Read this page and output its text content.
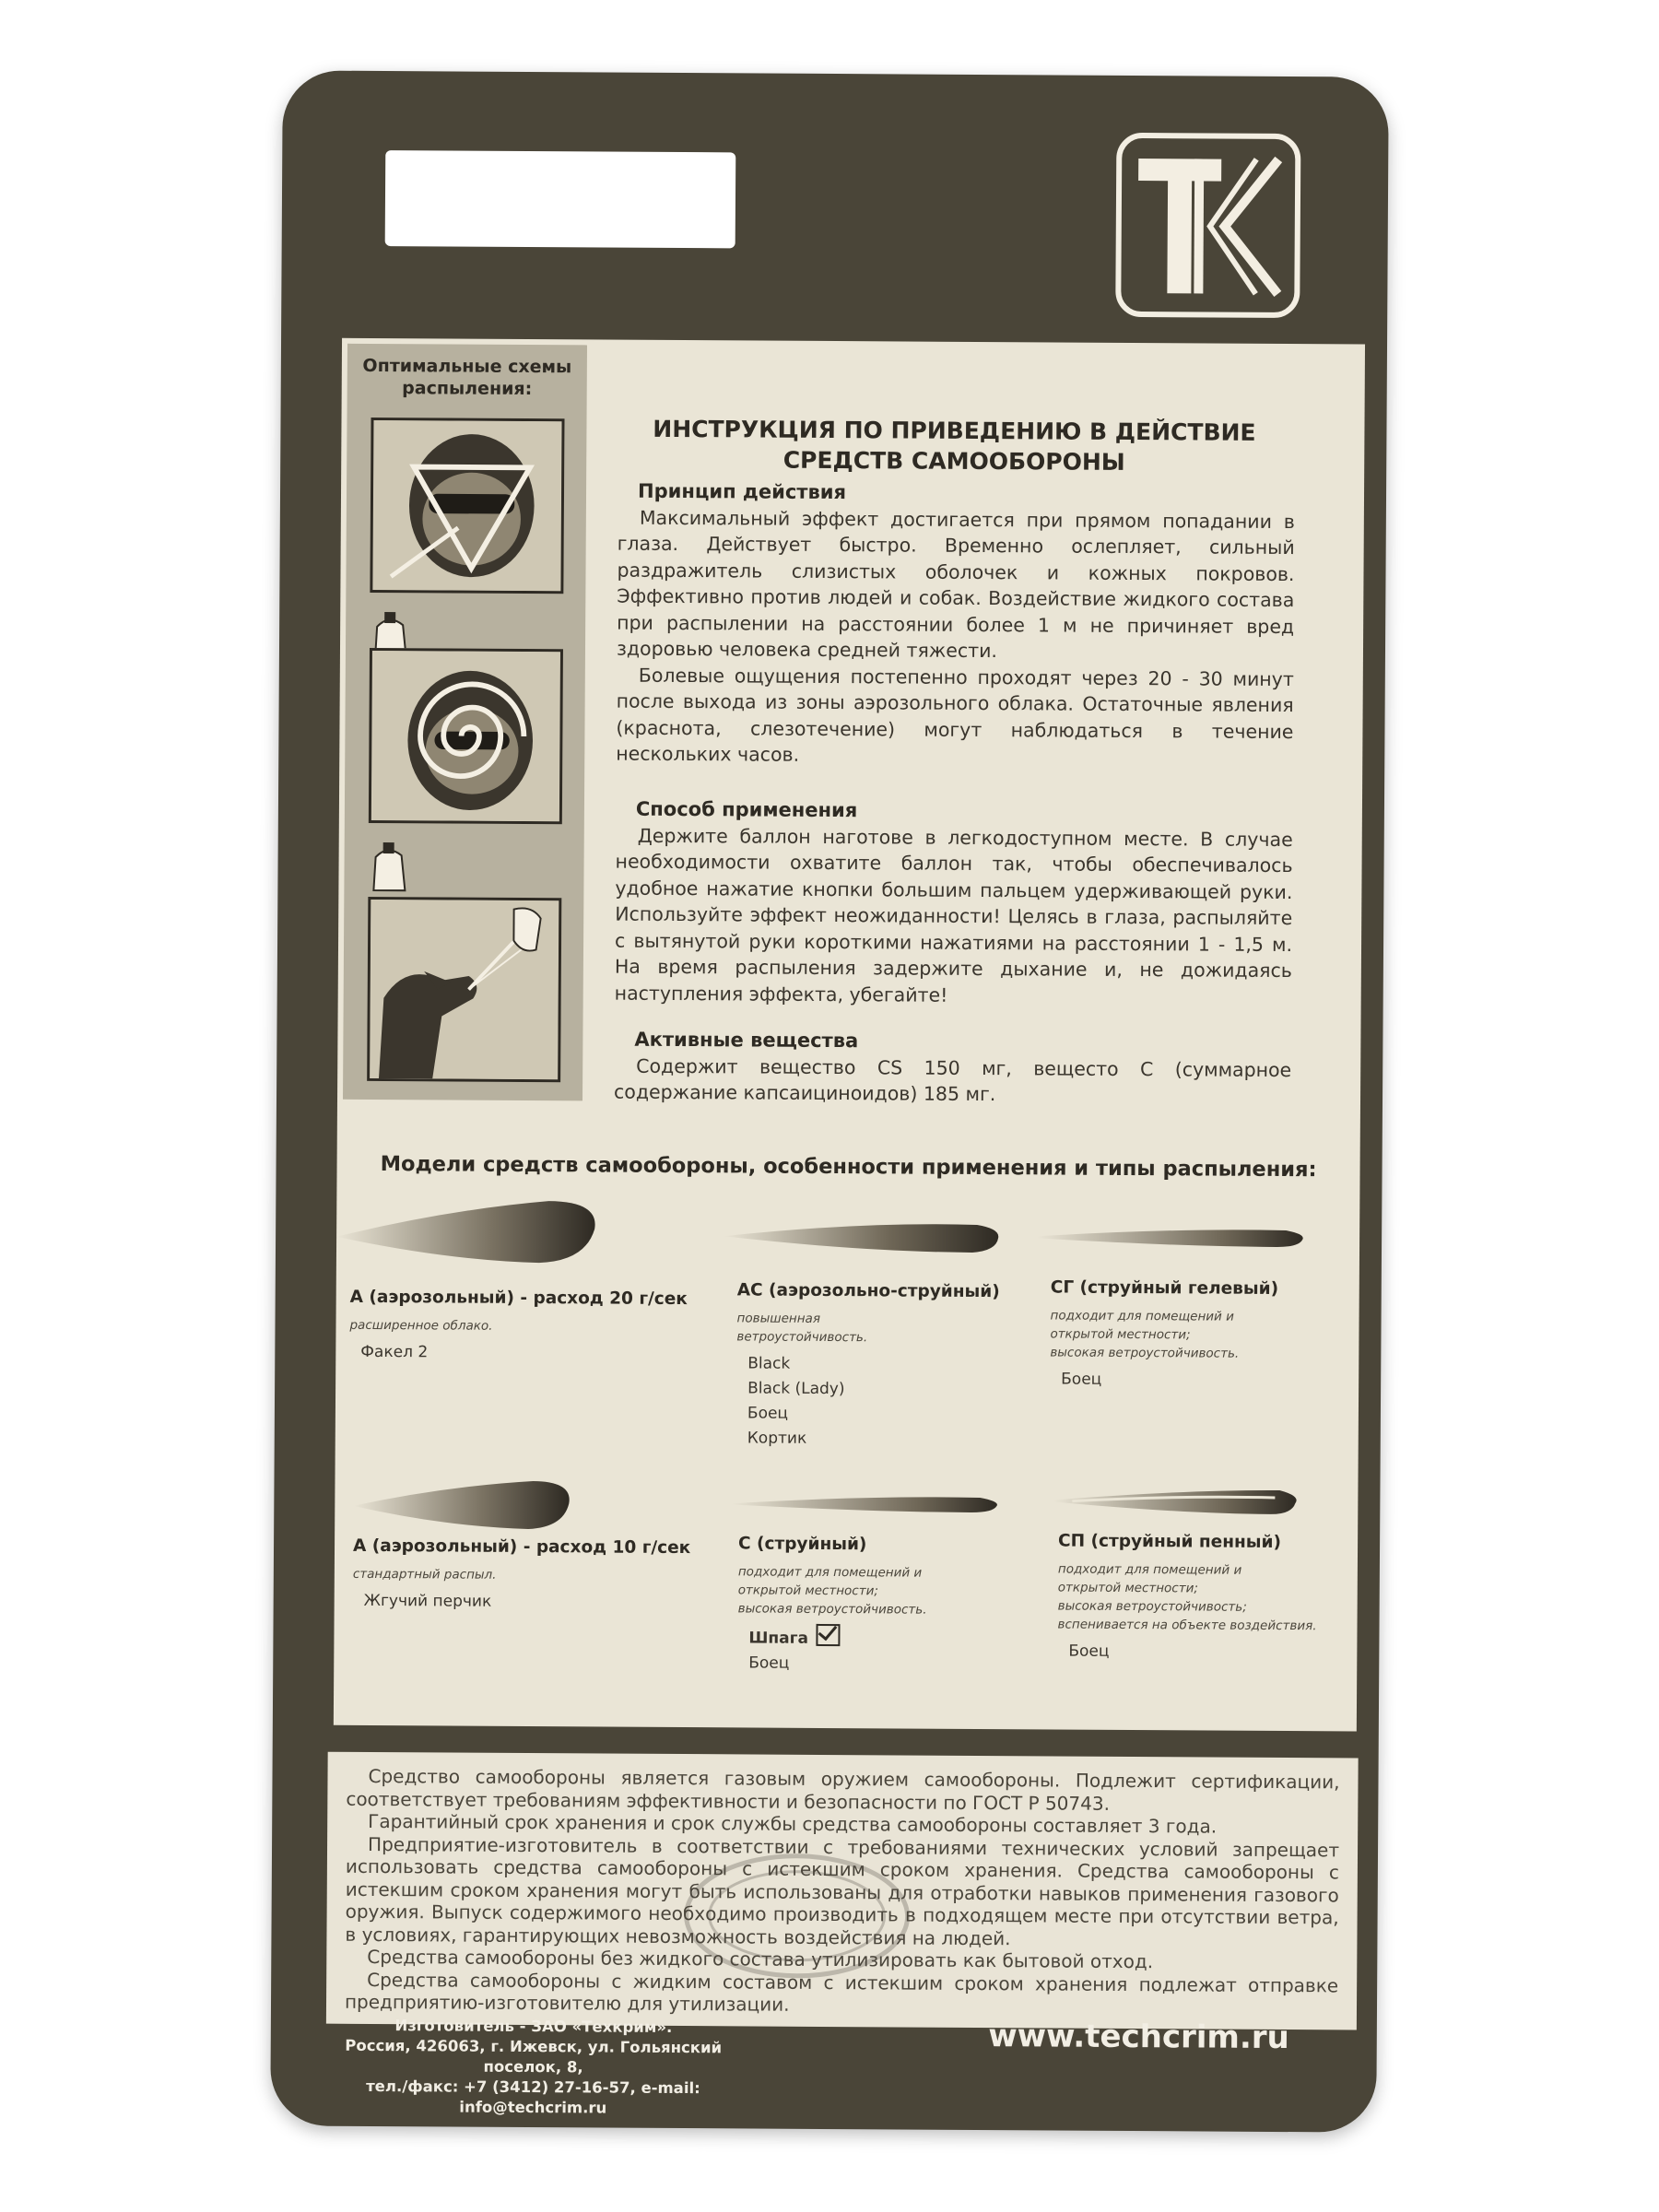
Оптимальные схемы распыления:
ИНСТРУКЦИЯ ПО ПРИВЕДЕНИЮ В ДЕЙСТВИЕ
СРЕДСТВ САМООБОРОНЫ
Принцип действия

Максимальный эффект достигается при прямом попадании в глаза. Действует быстро. Временно ослепляет, сильный раздражитель слизистых оболочек и кожных покровов. Эффективно против людей и собак. Воздействие жидкого состава при распылении на расстоянии более 1 м не причиняет вред здоровью человека средней тяжести.

Болевые ощущения постепенно проходят через 20 - 30 минут после выхода из зоны аэрозольного облака. Остаточные явления (краснота, слезотечение) могут наблюдаться в течение нескольких часов.

Способ применения

Держите баллон наготове в легкодоступном месте. В случае необходимости охватите баллон так, чтобы обеспечивалось удобное нажатие кнопки большим пальцем удерживающей руки. Используйте эффект неожиданности! Целясь в глаза, распыляйте с вытянутой руки короткими нажатиями на расстоянии 1 - 1,5 м. На время распыления задержите дыхание и, не дожидаясь наступления эффекта, убегайте!

Активные вещества

Содержит вещество CS 150 мг, вещесто С (суммарное содержание капсаициноидов) 185 мг.

Модели средств самообороны, особенности применения и типы распыления:
А (аэрозольный) - расход 20 г/сек
расширенное облако.
Факел 2
АС (аэрозольно-струйный)
повышенная
ветроустойчивость.
Black
Black (Lady)
Боец
Кортик
СГ (струйный гелевый)
подходит для помещений и
открытой местности;
высокая ветроустойчивость.
Боец
А (аэрозольный) - расход 10 г/сек
стандартный распыл.
Жгучий перчик
С (струйный)
подходит для помещений и
открытой местности;
высокая ветроустойчивость.
Шпага
Боец
СП (струйный пенный)
подходит для помещений и
открытой местности;
высокая ветроустойчивость;
вспенивается на объекте воздействия.
Боец

Средство самообороны является газовым оружием самообороны. Подлежит сертификации, соответствует требованиям эффективности и безопасности по ГОСТ Р 50743.

Гарантийный срок хранения и срок службы средства самообороны составляет 3 года.

Предприятие-изготовитель в соответствии с требованиями технических условий запрещает использовать средства самообороны с истекшим сроком хранения. Средства самообороны с истекшим сроком хранения могут быть использованы для отработки навыков применения газового оружия. Выпуск содержимого необходимо производить в подходящем месте при отсутствии ветра, в условиях, гарантирующих невозможность воздействия на людей.

Средства самообороны без жидкого состава утилизировать как бытовой отход.

Средства самообороны с жидким составом с истекшим сроком хранения подлежат отправке предприятию-изготовителю для утилизации.

Изготовитель - ЗАО «Техкрим».
Россия, 426063, г. Ижевск, ул. Гольянский поселок, 8,
тел./факс: +7 (3412) 27-16-57, e-mail: info@techcrim.ru
www.techcrim.ru
